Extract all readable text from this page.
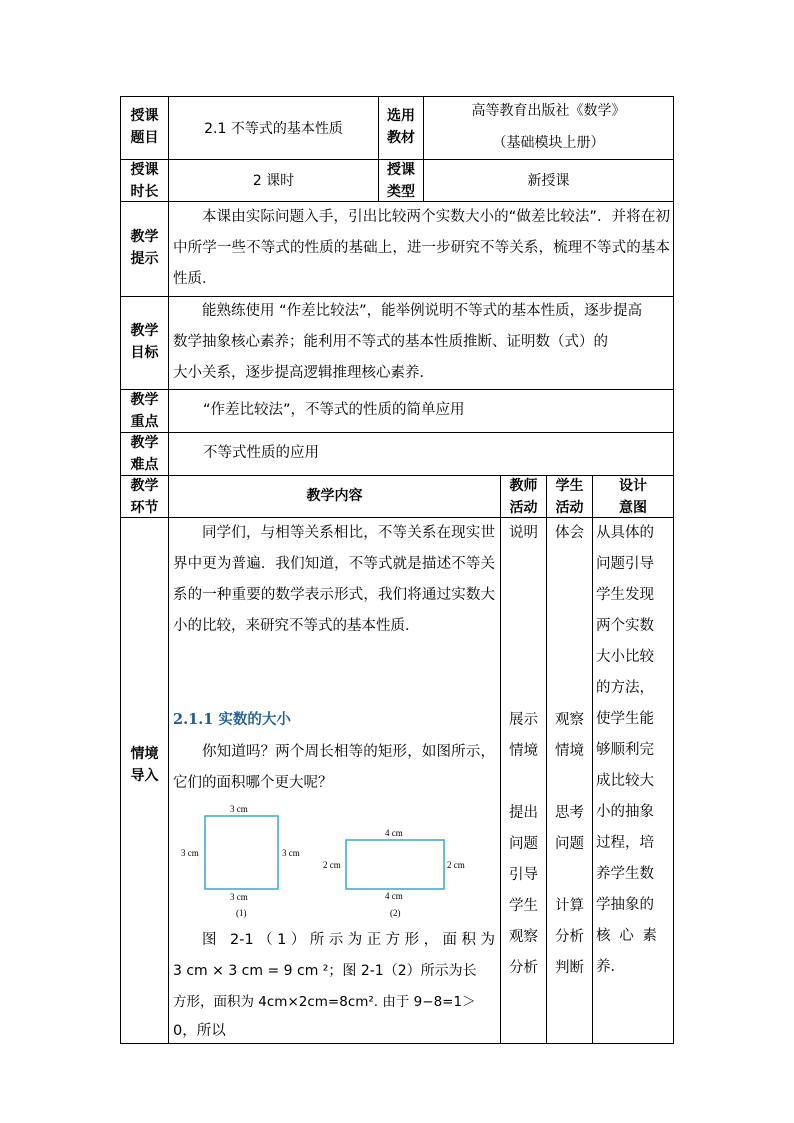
授课
题目
2.1 不等式的基本性质
选用
教材
高等教育出版社《数学》
（基础模块上册）
授课
时长
2 课时
授课
类型
新授课
教学
提示
本课由实际问题入手，引出比较两个实数大小的“做差比较法”．并将在初中所学一些不等式的性质的基础上，进一步研究不等关系，梳理不等式的基本性质．
教学
目标
能熟练使用 “作差比较法”，能举例说明不等式的基本性质，逐步提高
数学抽象核心素养；能利用不等式的基本性质推断、证明数（式）的
大小关系，逐步提高逻辑推理核心素养．
教学
重点
“作差比较法”，不等式的性质的简单应用
教学
难点
不等式性质的应用
教学
环节
教学内容
教师
活动
学生
活动
设计
意图
情境
导入
同学们，与相等关系相比，不等关系在现实世界中更为普遍．我们知道，不等式就是描述不等关系的一种重要的数学表示形式，我们将通过实数大小的比较，来研究不等式的基本性质．
2.1.1 实数的大小
你知道吗？两个周长相等的矩形，如图所示，它们的面积哪个更大呢？
3 cm
3 cm	3 cm
3 cm
(1)
4 cm
2 cm	2 cm
4 cm
(2)
图 2-1（1）所示为正方形，面积为
3 cm × 3 cm = 9 cm ²；图 2-1（2）所示为长
方形，面积为 4cm×2cm=8cm². 由于 9−8=1＞
0，所以
说明
展示
情境
提出
问题
引导
学生
观察
分析
体会
观察
情境
思考
问题
计算
分析
判断
从具体的
问题引导
学生发现
两个实数
大小比较
的方法，
使学生能
够顺利完
成比较大
小的抽象
过程，培
养学生数
学抽象的
核心素
养．
